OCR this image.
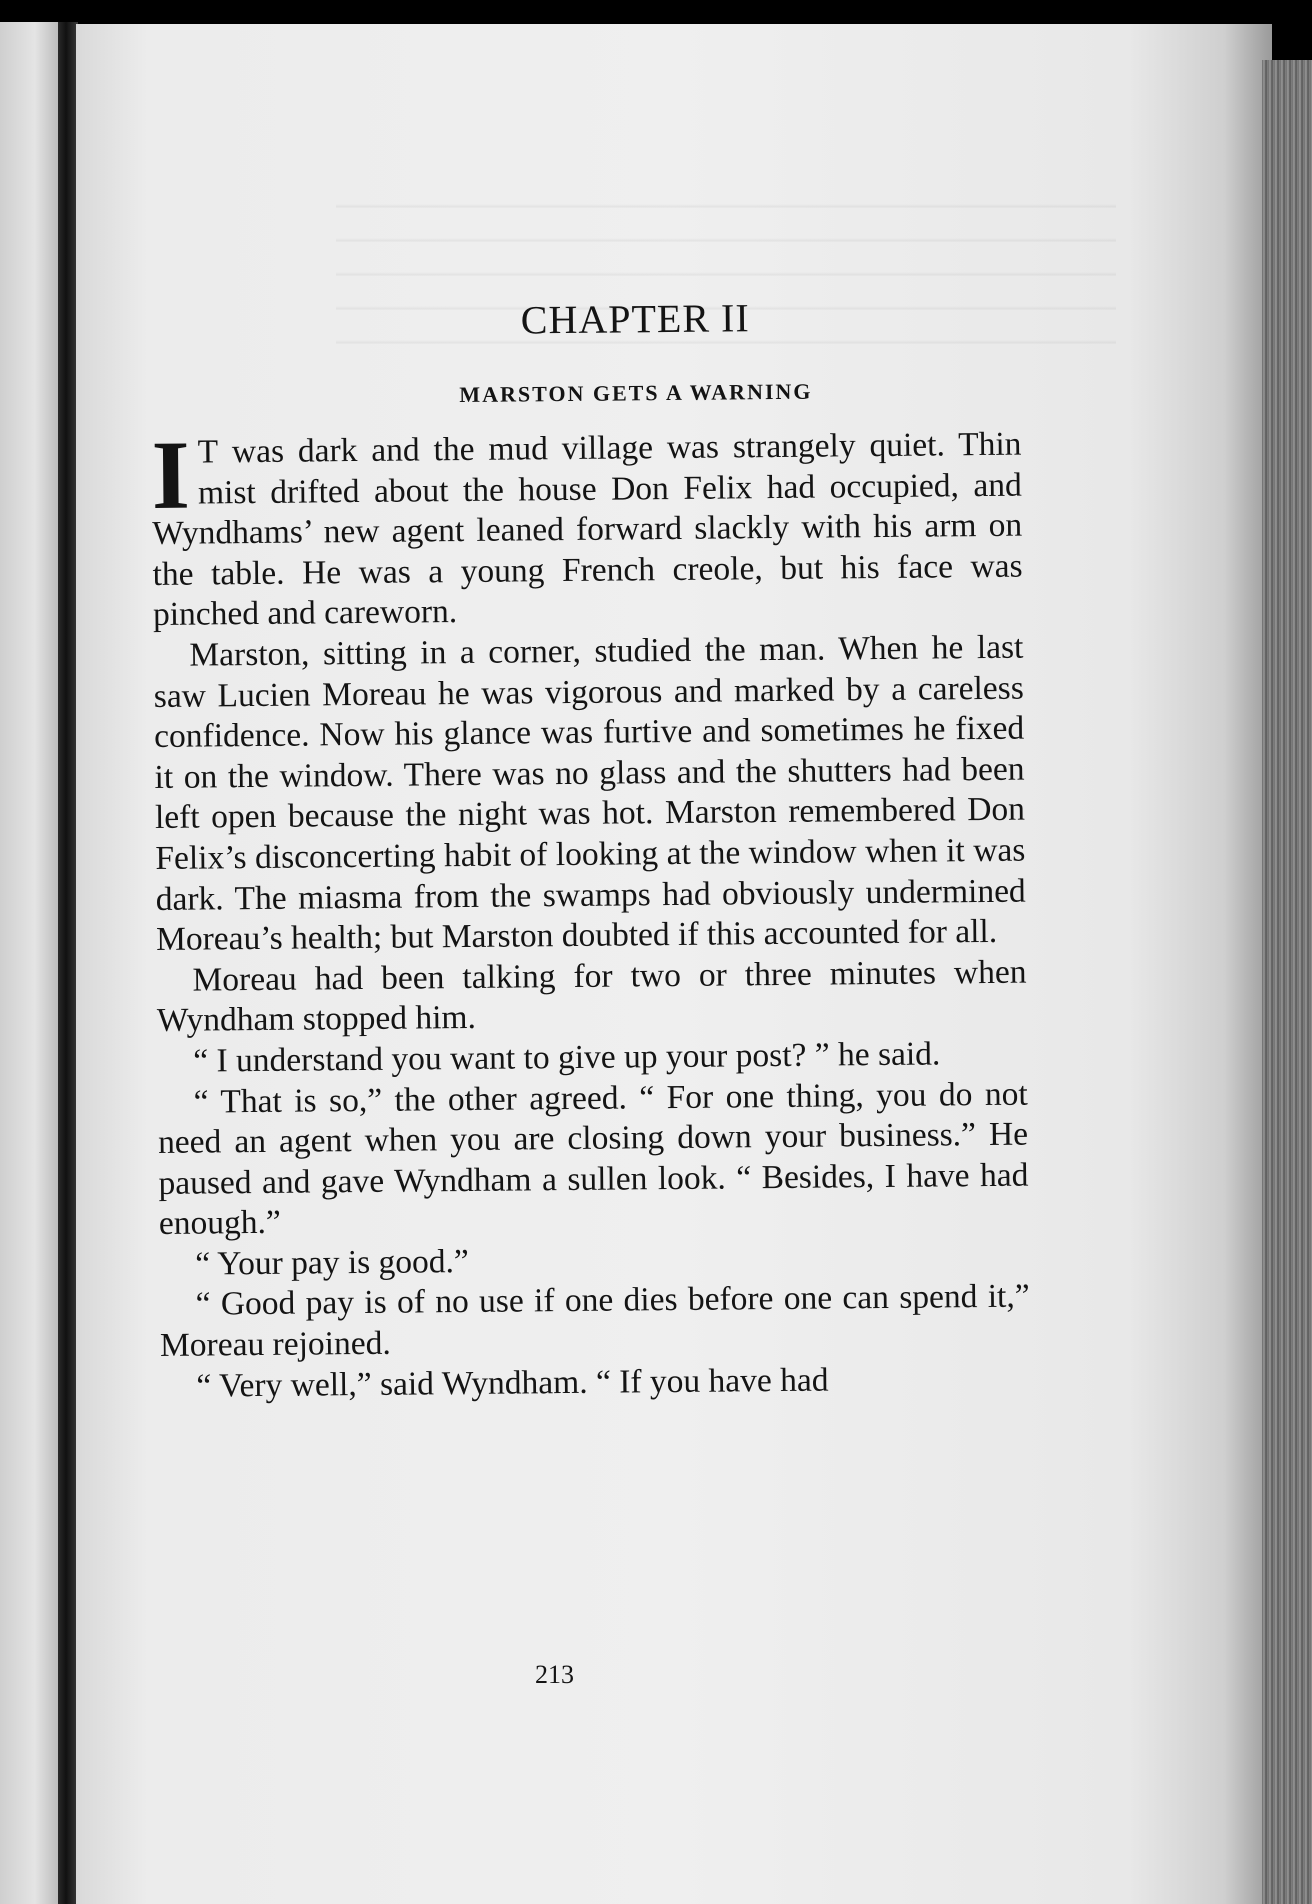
CHAPTER II
MARSTON GETS A WARNING

I T was dark and the mud village was strangely quiet. Thin mist drifted about the house Don Felix had occupied, and Wyndhams’ new agent leaned forward slackly with his arm on the table. He was a young French creole, but his face was pinched and careworn.

Marston, sitting in a corner, studied the man. When he last saw Lucien Moreau he was vigorous and marked by a careless confidence. Now his glance was furtive and sometimes he fixed it on the window. There was no glass and the shutters had been left open because the night was hot. Marston remembered Don Felix’s disconcerting habit of looking at the window when it was dark. The miasma from the swamps had obviously undermined Moreau’s health; but Marston doubted if this accounted for all.

Moreau had been talking for two or three minutes when Wyndham stopped him.

“ I understand you want to give up your post? ” he said.

“ That is so,” the other agreed. “ For one thing, you do not need an agent when you are closing down your business.” He paused and gave Wyndham a sullen look. “ Besides, I have had enough.”

“ Your pay is good.”

“ Good pay is of no use if one dies before one can spend it,” Moreau rejoined.

“ Very well,” said Wyndham. “ If you have had

213
